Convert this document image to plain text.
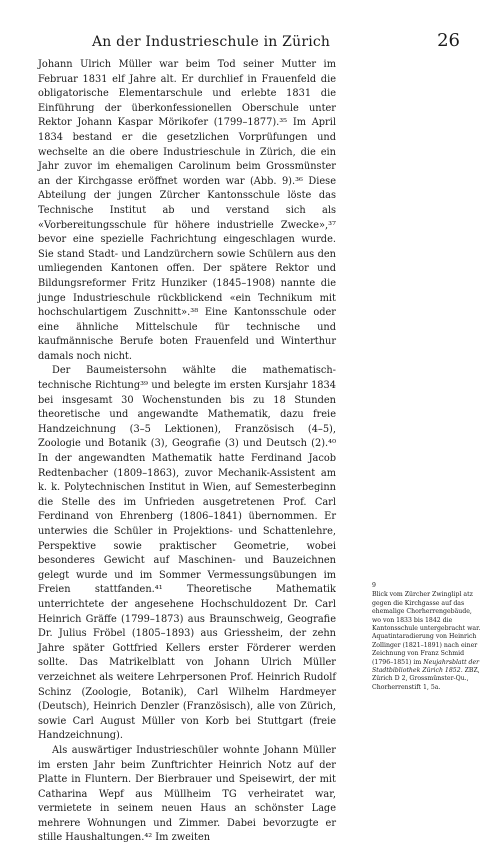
An der Industrieschule in Zürich	26

Johann Ulrich Müller war beim Tod seiner Mutter im Februar 1831 elf Jahre alt. Er durchlief in Frauenfeld die obligatorische Elementarschule und erlebte 1831 die Einführung der überkonfessionellen Oberschule unter Rektor Johann Kaspar Mörikofer (1799–1877).³⁵ Im April 1834 bestand er die gesetzlichen Vorprüfungen und wechselte an die obere Industrieschule in Zürich, die ein Jahr zuvor im ehemaligen Carolinum beim Grossmünster an der Kirchgasse eröffnet worden war (Abb. 9).³⁶ Diese Abteilung der jungen Zürcher Kantonsschule löste das Technische Institut ab und verstand sich als «Vorbereitungsschule für höhere industrielle Zwecke»,³⁷ bevor eine spezielle Fachrichtung eingeschlagen wurde. Sie stand Stadt- und Landzürchern sowie Schülern aus den umliegenden Kantonen offen. Der spätere Rektor und Bildungsreformer Fritz Hunziker (1845–1908) nannte die junge Industrieschule rückblickend «ein Technikum mit hochschulartigem Zuschnitt».³⁸ Eine Kantonsschule oder eine ähnliche Mittelschule für technische und kaufmännische Berufe boten Frauenfeld und Winterthur damals noch nicht.

Der Baumeistersohn wählte die mathematisch-technische Richtung³⁹ und belegte im ersten Kursjahr 1834 bei insgesamt 30 Wochenstunden bis zu 18 Stunden theoretische und angewandte Mathematik, dazu freie Handzeichnung (3–5 Lektionen), Französisch (4–5), Zoologie und Botanik (3), Geografie (3) und Deutsch (2).⁴⁰ In der angewandten Mathematik hatte Ferdinand Jacob Redtenbacher (1809–1863), zuvor Mechanik-Assistent am k. k. Polytechnischen Institut in Wien, auf Semesterbeginn die Stelle des im Unfrieden ausgetretenen Prof. Carl Ferdinand von Ehrenberg (1806–1841) übernommen. Er unterwies die Schüler in Projektions- und Schattenlehre, Perspektive sowie praktischer Geometrie, wobei besonderes Gewicht auf Maschinen- und Bauzeichnen gelegt wurde und im Sommer Vermessungsübungen im Freien stattfanden.⁴¹ Theoretische Mathematik unterrichtete der angesehene Hochschuldozent Dr. Carl Heinrich Gräffe (1799–1873) aus Braunschweig, Geografie Dr. Julius Fröbel (1805–1893) aus Griessheim, der zehn Jahre später Gottfried Kellers erster Förderer werden sollte. Das Matrikelblatt von Johann Ulrich Müller verzeichnet als weitere Lehrpersonen Prof. Heinrich Rudolf Schinz (Zoologie, Botanik), Carl Wilhelm Hardmeyer (Deutsch), Heinrich Denzler (Französisch), alle von Zürich, sowie Carl August Müller von Korb bei Stuttgart (freie Handzeichnung).

Als auswärtiger Industrieschüler wohnte Johann Müller im ersten Jahr beim Zunftrichter Heinrich Notz auf der Platte in Fluntern. Der Bierbrauer und Speisewirt, der mit Catharina Wepf aus Müllheim TG verheiratet war, vermietete in seinem neuen Haus an schönster Lage mehrere Wohnungen und Zimmer. Dabei bevorzugte er stille Haushaltungen.⁴² Im zweiten

9
Blick vom Zürcher Zwinglipl atz gegen die Kirchgasse auf das ehemalige Chorherrengebäude, wo von 1833 bis 1842 die Kantonsschule untergebracht war. Aquatintaradierung von Heinrich Zollinger (1821–1891) nach einer Zeichnung von Franz Schmid (1796–1851) im Neujahrsblatt der Stadtbibliothek Zürich 1852. ZBZ, Zürich D 2, Grossmünster-Qu., Chorherrenstift 1, 5a.
